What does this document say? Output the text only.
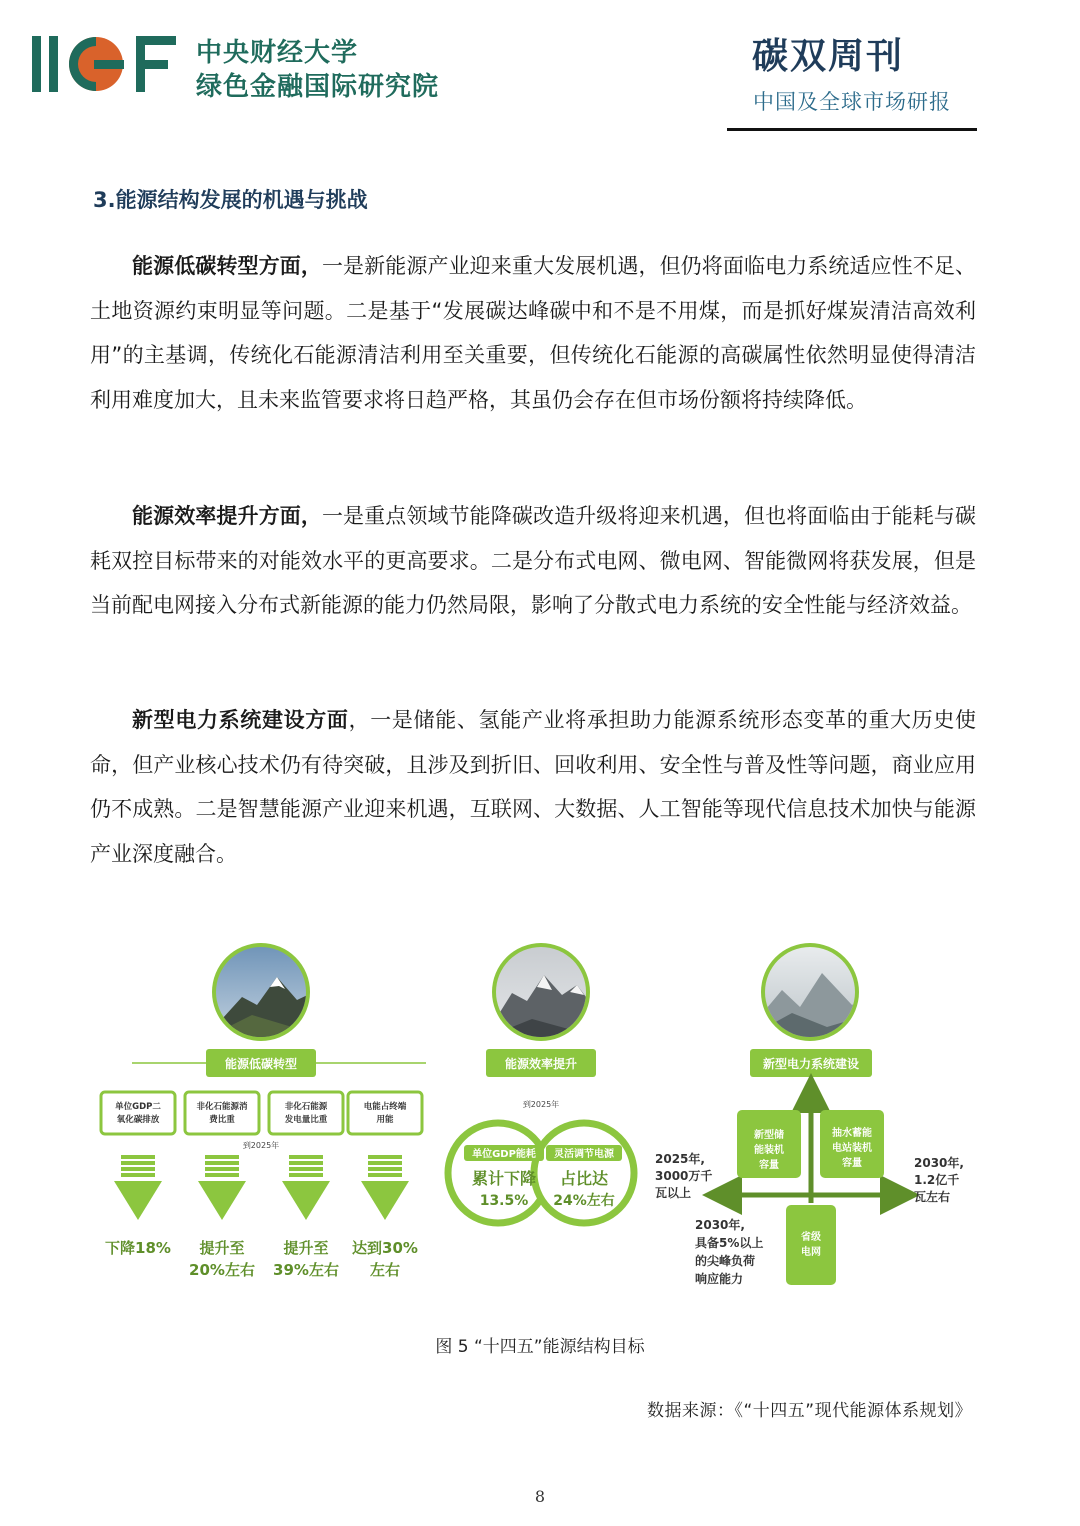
IIGF
中央财经大学
绿色金融国际研究院
碳双周刊
中国及全球市场研报
3.能源结构发展的机遇与挑战
能源低碳转型方面，一是新能源产业迎来重大发展机遇，但仍将面临电力系统适应性不足、土地资源约束明显等问题。二是基于“发展碳达峰碳中和不是不用煤，而是抓好煤炭清洁高效利用”的主基调，传统化石能源清洁利用至关重要，但传统化石能源的高碳属性依然明显使得清洁利用难度加大，且未来监管要求将日趋严格，其虽仍会存在但市场份额将持续降低。
能源效率提升方面，一是重点领域节能降碳改造升级将迎来机遇，但也将面临由于能耗与碳耗双控目标带来的对能效水平的更高要求。二是分布式电网、微电网、智能微网将获发展，但是当前配电网接入分布式新能源的能力仍然局限，影响了分散式电力系统的安全性能与经济效益。
新型电力系统建设方面，一是储能、氢能产业将承担助力能源系统形态变革的重大历史使命，但产业核心技术仍有待突破，且涉及到折旧、回收利用、安全性与普及性等问题，商业应用仍不成熟。二是智慧能源产业迎来机遇，互联网、大数据、人工智能等现代信息技术加快与能源产业深度融合。
能源低碳转型
单位GDP二
氧化碳排放
非化石能源消
费比重
非化石能源
发电量比重
电能占终端
用能
到2025年
下降18% 提升至
20%左右
提升至
39%左右
达到30%
左右
能源效率提升
到2025年
单位GDP能耗 灵活调节电源
累计下降
13.5%
占比达
24%左右
新型电力系统建设
新型储
能装机
容量
抽水蓄能
电站装机
容量
省级
电网
2025年,
3000万千
瓦以上
2030年,
1.2亿千
瓦左右
2030年,
具备5%以上
的尖峰负荷
响应能力
图 5 “十四五”能源结构目标
数据来源：《“十四五”现代能源体系规划》
8
